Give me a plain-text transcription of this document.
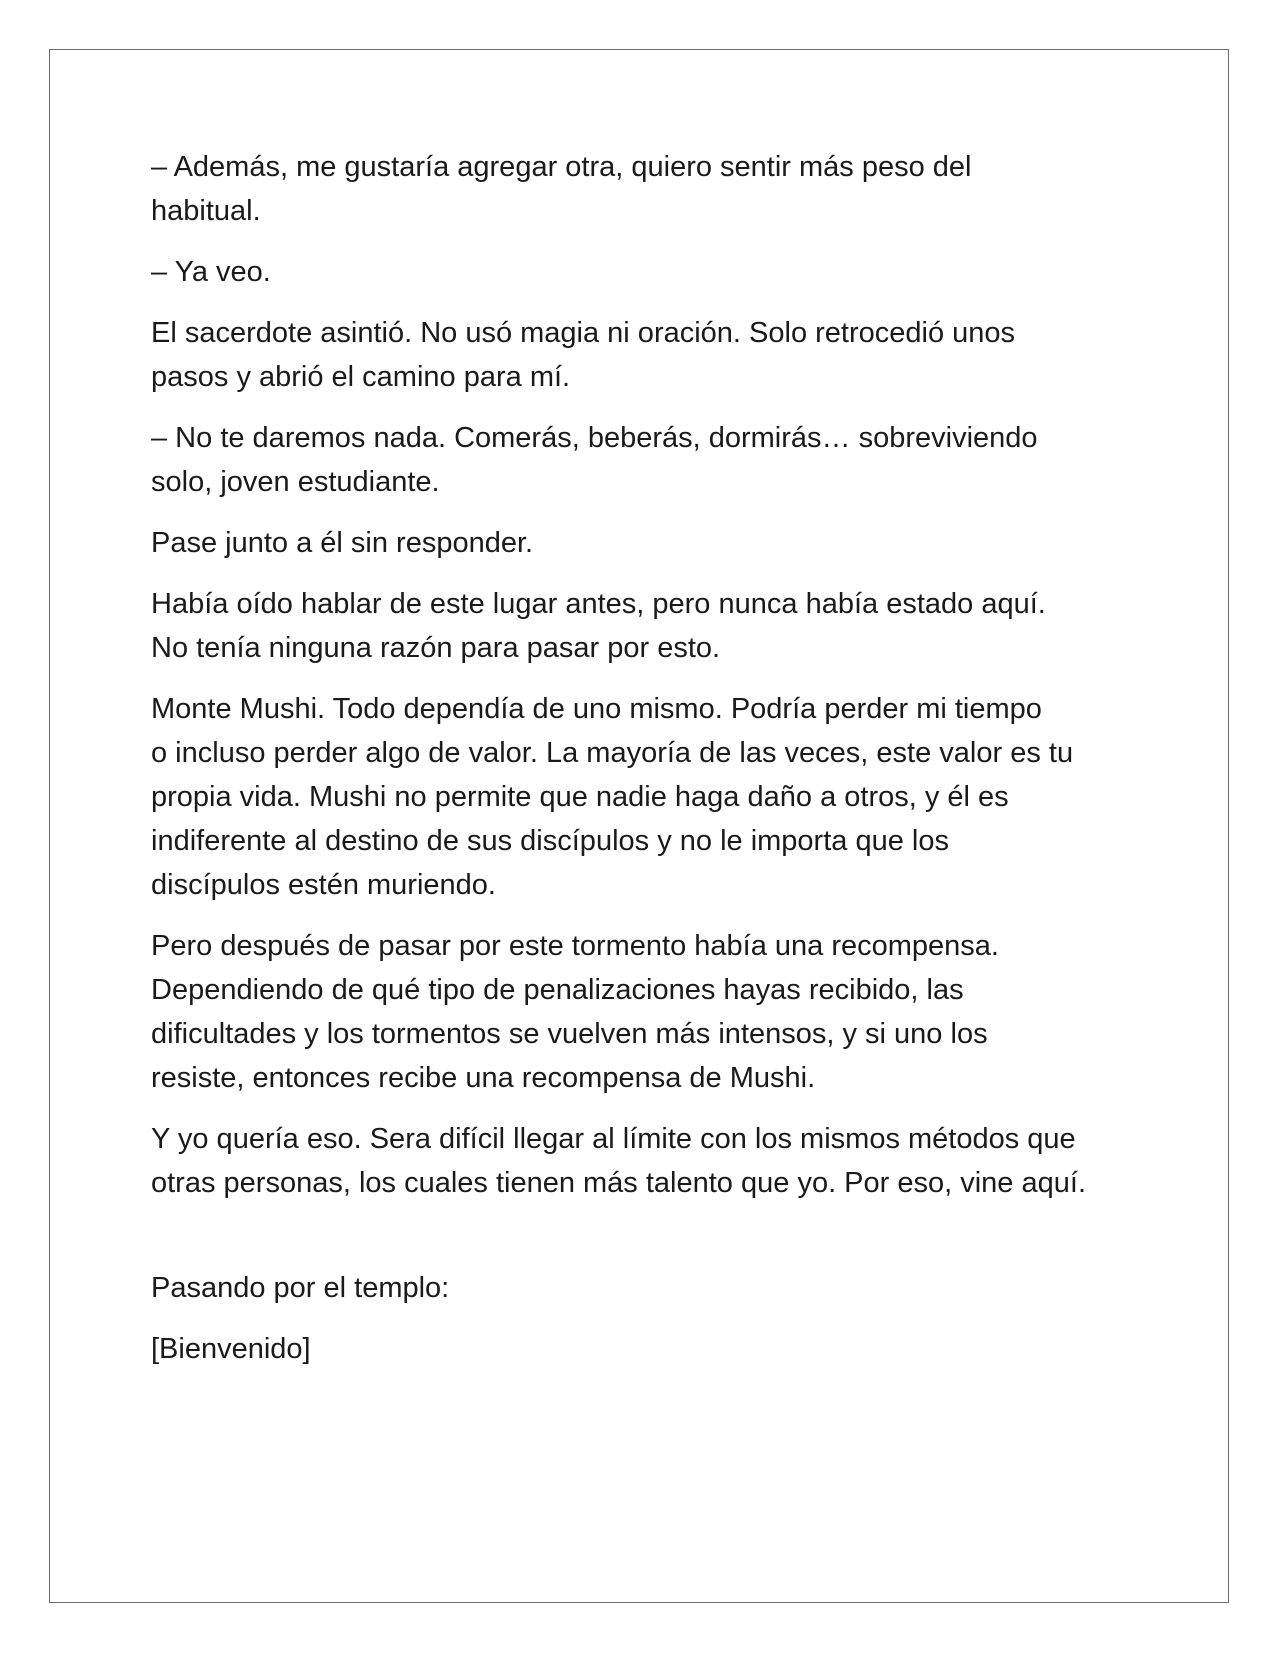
– Además, me gustaría agregar otra, quiero sentir más peso del
habitual.

– Ya veo.

El sacerdote asintió. No usó magia ni oración. Solo retrocedió unos
pasos y abrió el camino para mí.

– No te daremos nada. Comerás, beberás, dormirás… sobreviviendo
solo, joven estudiante.

Pase junto a él sin responder.

Había oído hablar de este lugar antes, pero nunca había estado aquí.
No tenía ninguna razón para pasar por esto.

Monte Mushi. Todo dependía de uno mismo. Podría perder mi tiempo
o incluso perder algo de valor. La mayoría de las veces, este valor es tu
propia vida. Mushi no permite que nadie haga daño a otros, y él es
indiferente al destino de sus discípulos y no le importa que los
discípulos estén muriendo.

Pero después de pasar por este tormento había una recompensa.
Dependiendo de qué tipo de penalizaciones hayas recibido, las
dificultades y los tormentos se vuelven más intensos, y si uno los
resiste, entonces recibe una recompensa de Mushi.

Y yo quería eso. Sera difícil llegar al límite con los mismos métodos que
otras personas, los cuales tienen más talento que yo. Por eso, vine aquí.

Pasando por el templo:

[Bienvenido]
